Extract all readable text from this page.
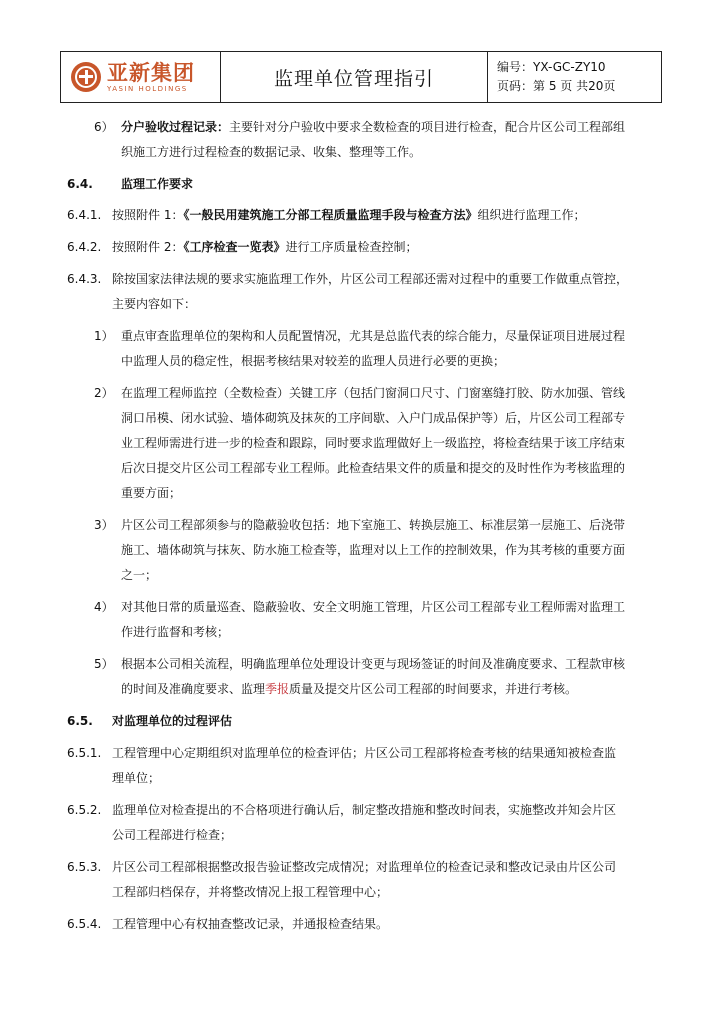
亚新集团
YASIN HOLDINGS	监理单位管理指引
编号：YX-GC-ZY10
页码：第 5 页 共20页
6） 分户验收过程记录：主要针对分户验收中要求全数检查的项目进行检查，配合片区公司工程部组
织施工方进行过程检查的数据记录、收集、整理等工作。
6.4. 监理工作要求
6.4.1. 按照附件 1：《一般民用建筑施工分部工程质量监理手段与检查方法》组织进行监理工作；
6.4.2. 按照附件 2：《工序检查一览表》进行工序质量检查控制；
6.4.3. 除按国家法律法规的要求实施监理工作外，片区公司工程部还需对过程中的重要工作做重点管控，
主要内容如下：
1） 重点审查监理单位的架构和人员配置情况，尤其是总监代表的综合能力，尽量保证项目进展过程
中监理人员的稳定性，根据考核结果对较差的监理人员进行必要的更换；
2） 在监理工程师监控（全数检查）关键工序（包括门窗洞口尺寸、门窗塞缝打胶、防水加强、管线
洞口吊模、闭水试验、墙体砌筑及抹灰的工序间歇、入户门成品保护等）后，片区公司工程部专
业工程师需进行进一步的检查和跟踪，同时要求监理做好上一级监控，将检查结果于该工序结束
后次日提交片区公司工程部专业工程师。此检查结果文件的质量和提交的及时性作为考核监理的
重要方面；
3） 片区公司工程部须参与的隐蔽验收包括：地下室施工、转换层施工、标准层第一层施工、后浇带
施工、墙体砌筑与抹灰、防水施工检查等，监理对以上工作的控制效果，作为其考核的重要方面
之一；
4） 对其他日常的质量巡查、隐蔽验收、安全文明施工管理，片区公司工程部专业工程师需对监理工
作进行监督和考核；
5） 根据本公司相关流程，明确监理单位处理设计变更与现场签证的时间及准确度要求、工程款审核
的时间及准确度要求、监理季报质量及提交片区公司工程部的时间要求，并进行考核。
6.5. 对监理单位的过程评估
6.5.1. 工程管理中心定期组织对监理单位的检查评估；片区公司工程部将检查考核的结果通知被检查监
理单位；
6.5.2. 监理单位对检查提出的不合格项进行确认后，制定整改措施和整改时间表，实施整改并知会片区
公司工程部进行检查；
6.5.3. 片区公司工程部根据整改报告验证整改完成情况；对监理单位的检查记录和整改记录由片区公司
工程部归档保存，并将整改情况上报工程管理中心；
6.5.4. 工程管理中心有权抽查整改记录，并通报检查结果。
